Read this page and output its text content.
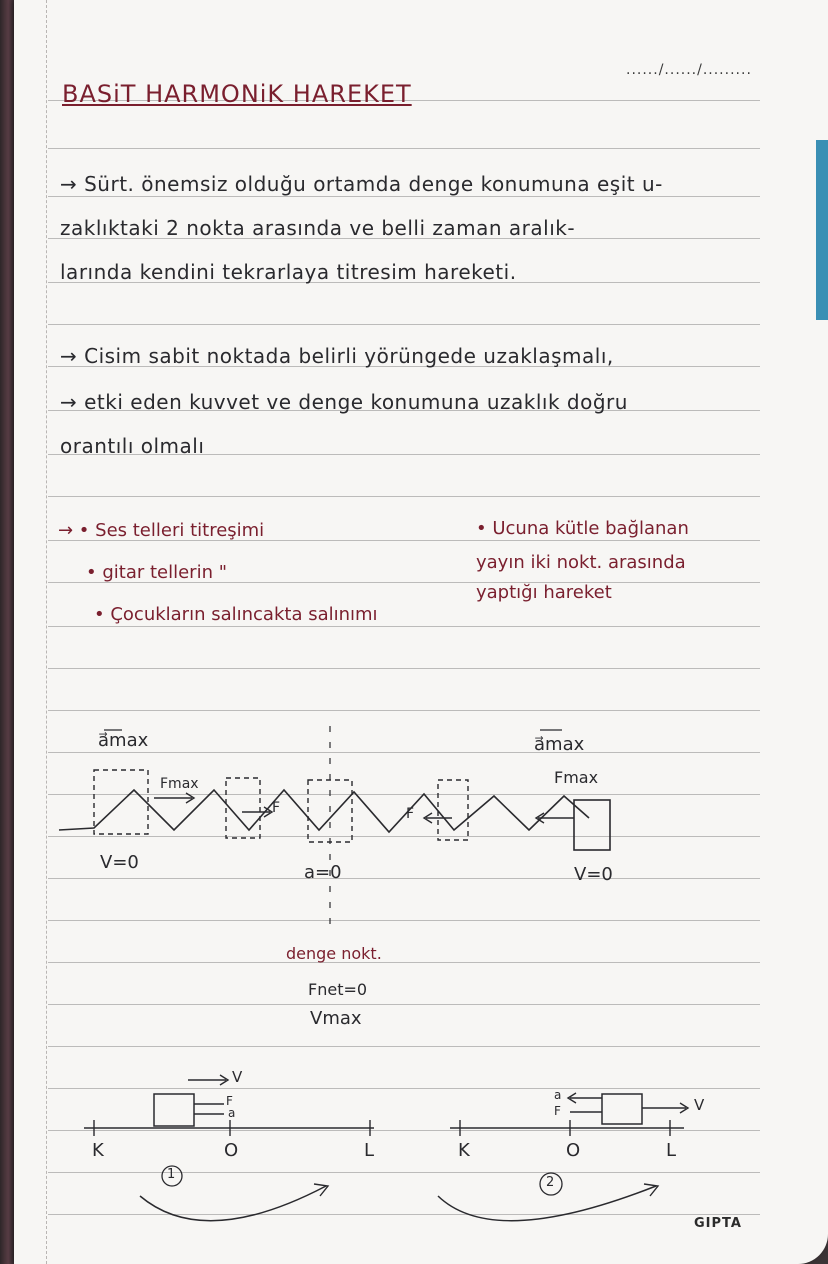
....../....../.........
BASiT HARMONiK HAREKET
→ Sürt. önemsiz olduğu ortamda denge konumuna eşit u-
zaklıktaki 2 nokta arasında ve belli zaman aralık-
larında kendini tekrarlaya titresim hareketi.
→ Cisim sabit noktada belirli yörüngede uzaklaşmalı,
→ etki eden kuvvet ve denge konumuna uzaklık doğru
orantılı olmalı
→ • Ses telleri titreşimi
• gitar tellerin "
• Çocukların salıncakta salınımı
• Ucuna kütle bağlanan
yayın iki nokt. arasında
yaptığı hareket
a⃗max
Fmax
V=0
F
a=0
denge nokt.
Fnet=0
Vmax
F
a⃗max
Fmax
V=0
K	O	L
1
V
F
a
K	O	L
2
V
F
a
GIPTA
